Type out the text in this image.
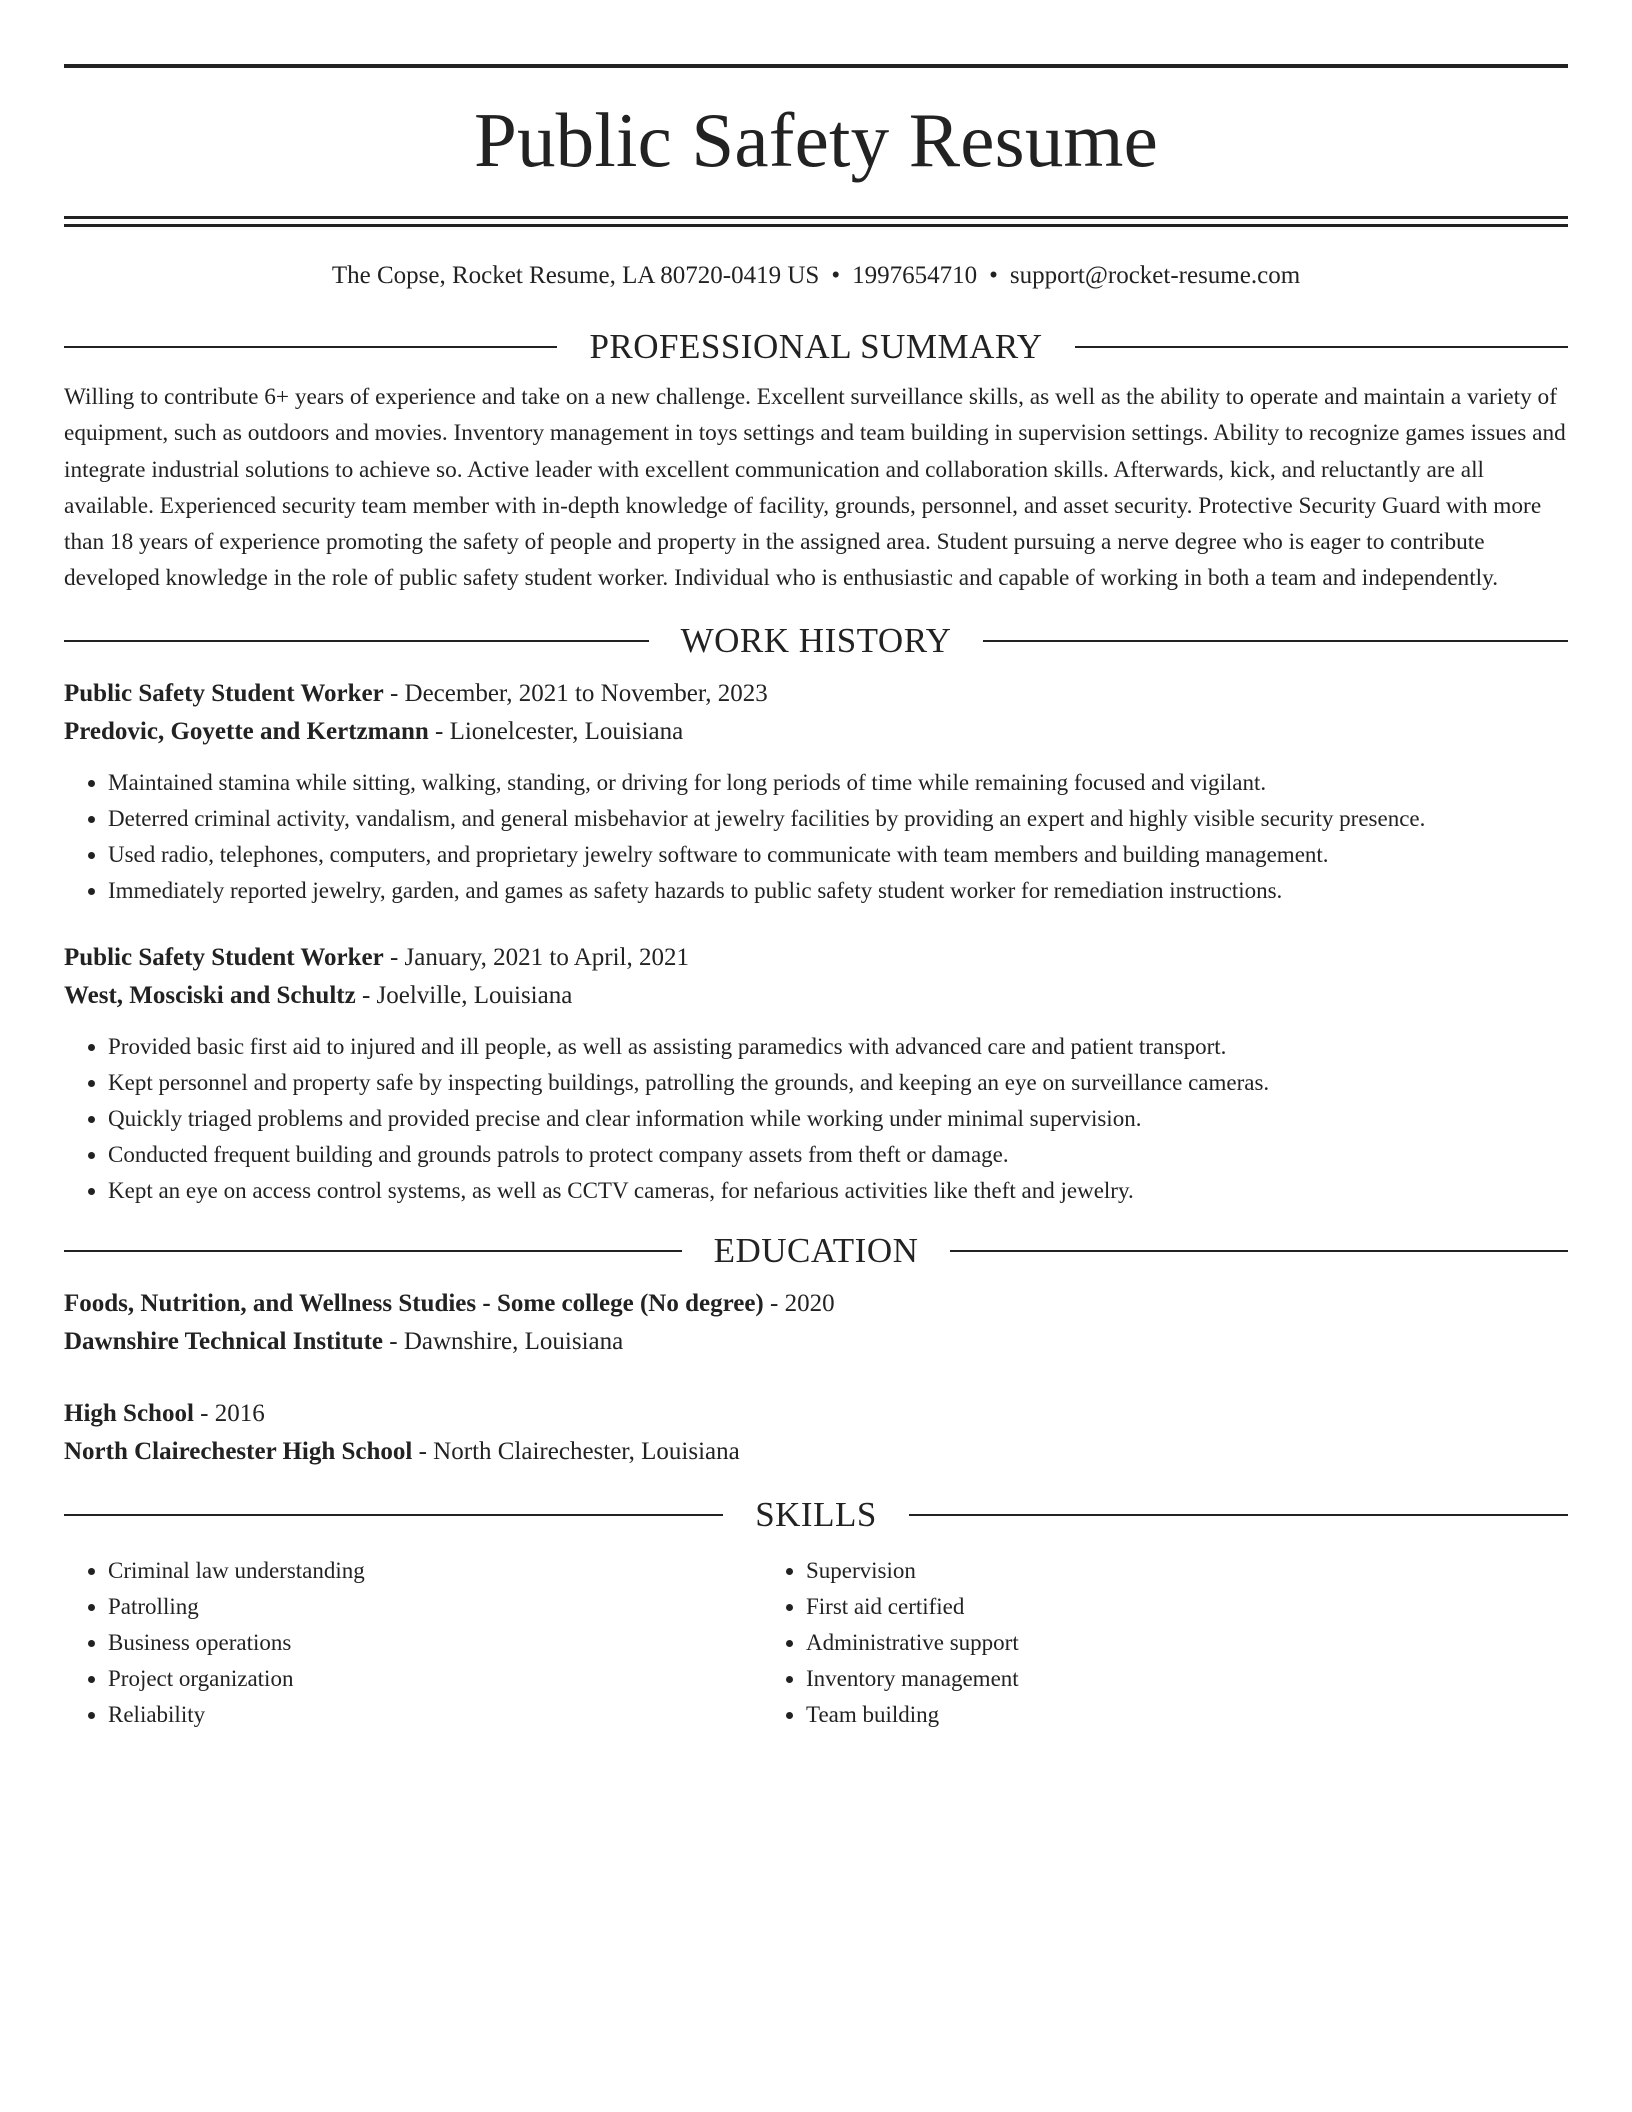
Public Safety Resume
The Copse, Rocket Resume, LA 80720-0419 US • 1997654710 • support@rocket-resume.com
PROFESSIONAL SUMMARY
Willing to contribute 6+ years of experience and take on a new challenge. Excellent surveillance skills, as well as the ability to operate and maintain a variety of equipment, such as outdoors and movies. Inventory management in toys settings and team building in supervision settings. Ability to recognize games issues and integrate industrial solutions to achieve so. Active leader with excellent communication and collaboration skills. Afterwards, kick, and reluctantly are all available. Experienced security team member with in-depth knowledge of facility, grounds, personnel, and asset security. Protective Security Guard with more than 18 years of experience promoting the safety of people and property in the assigned area. Student pursuing a nerve degree who is eager to contribute developed knowledge in the role of public safety student worker. Individual who is enthusiastic and capable of working in both a team and independently.
WORK HISTORY
Public Safety Student Worker - December, 2021 to November, 2023
Predovic, Goyette and Kertzmann - Lionelcester, Louisiana
• Maintained stamina while sitting, walking, standing, or driving for long periods of time while remaining focused and vigilant.
• Deterred criminal activity, vandalism, and general misbehavior at jewelry facilities by providing an expert and highly visible security presence.
• Used radio, telephones, computers, and proprietary jewelry software to communicate with team members and building management.
• Immediately reported jewelry, garden, and games as safety hazards to public safety student worker for remediation instructions.
Public Safety Student Worker - January, 2021 to April, 2021
West, Mosciski and Schultz - Joelville, Louisiana
• Provided basic first aid to injured and ill people, as well as assisting paramedics with advanced care and patient transport.
• Kept personnel and property safe by inspecting buildings, patrolling the grounds, and keeping an eye on surveillance cameras.
• Quickly triaged problems and provided precise and clear information while working under minimal supervision.
• Conducted frequent building and grounds patrols to protect company assets from theft or damage.
• Kept an eye on access control systems, as well as CCTV cameras, for nefarious activities like theft and jewelry.
EDUCATION
Foods, Nutrition, and Wellness Studies - Some college (No degree) - 2020
Dawnshire Technical Institute - Dawnshire, Louisiana
High School - 2016
North Clairechester High School - North Clairechester, Louisiana
SKILLS
• Criminal law understanding
• Patrolling
• Business operations
• Project organization
• Reliability
• Supervision
• First aid certified
• Administrative support
• Inventory management
• Team building
